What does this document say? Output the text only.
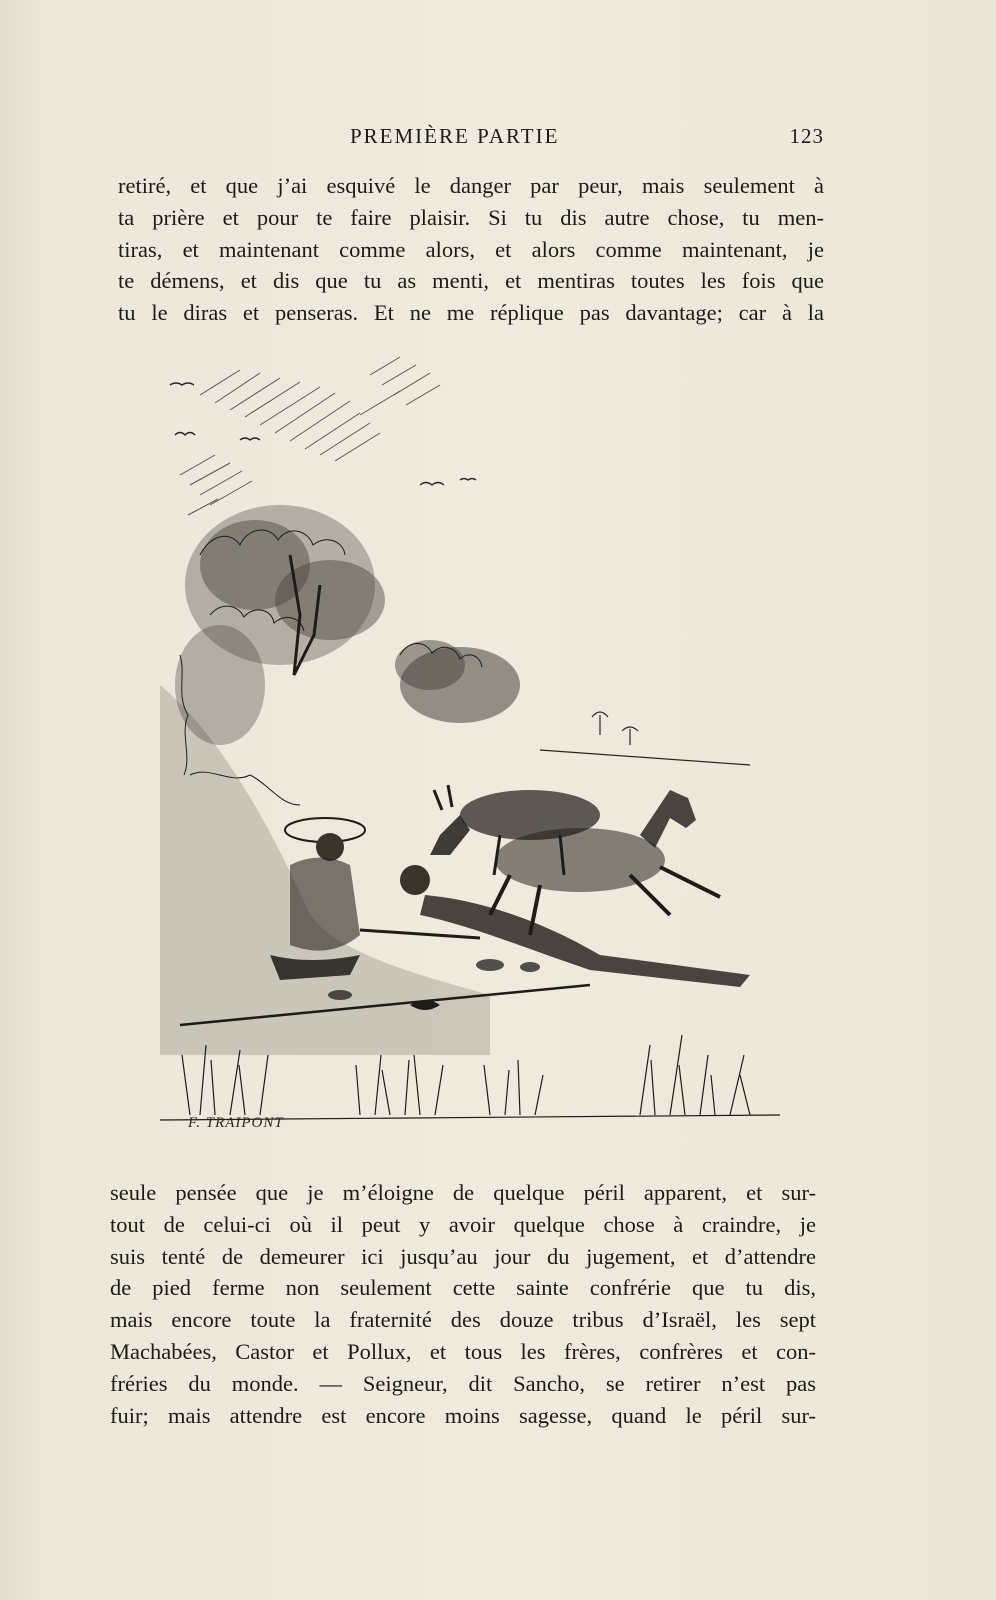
PREMIÈRE PARTIE	123

retiré, et que j’ai esquivé le danger par peur, mais seulement à
ta prière et pour te faire plaisir. Si tu dis autre chose, tu men-
tiras, et maintenant comme alors, et alors comme maintenant, je
te démens, et dis que tu as menti, et mentiras toutes les fois que
tu le diras et penseras. Et ne me réplique pas davantage; car à la

F. TRAIPONT

seule pensée que je m’éloigne de quelque péril apparent, et sur-
tout de celui-ci où il peut y avoir quelque chose à craindre, je
suis tenté de demeurer ici jusqu’au jour du jugement, et d’attendre
de pied ferme non seulement cette sainte confrérie que tu dis,
mais encore toute la fraternité des douze tribus d’Israël, les sept
Machabées, Castor et Pollux, et tous les frères, confrères et con-
fréries du monde. — Seigneur, dit Sancho, se retirer n’est pas
fuir; mais attendre est encore moins sagesse, quand le péril sur-
